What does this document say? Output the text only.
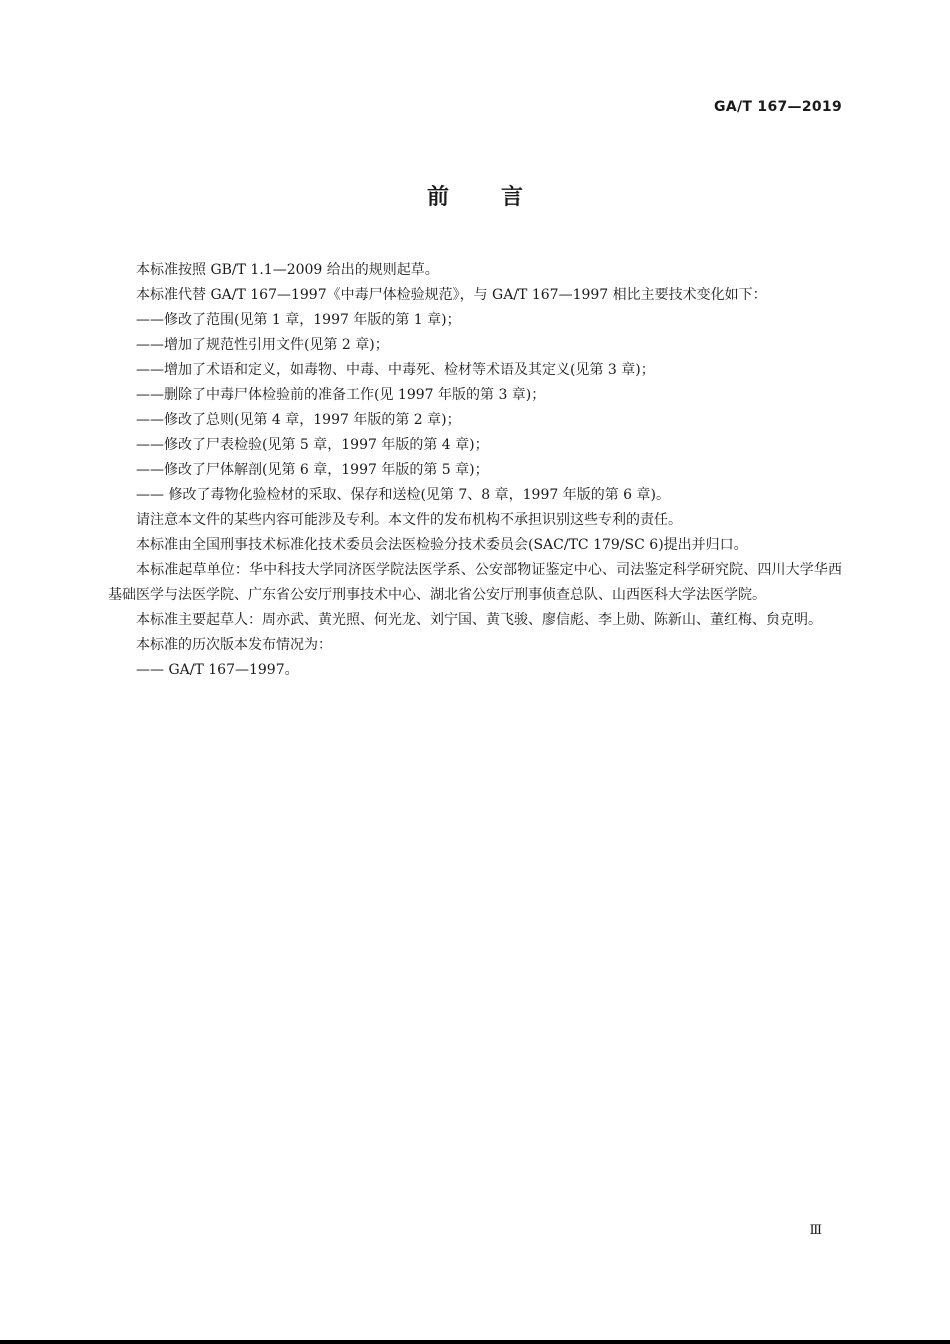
GA/T 167—2019
前言

本标准按照 GB/T 1.1—2009 给出的规则起草。

本标准代替 GA/T 167—1997《中毒尸体检验规范》，与 GA/T 167—1997 相比主要技术变化如下：

——修改了范围(见第 1 章，1997 年版的第 1 章)；

——增加了规范性引用文件(见第 2 章)；

——增加了术语和定义，如毒物、中毒、中毒死、检材等术语及其定义(见第 3 章)；

——删除了中毒尸体检验前的准备工作(见 1997 年版的第 3 章)；

——修改了总则(见第 4 章，1997 年版的第 2 章)；

——修改了尸表检验(见第 5 章，1997 年版的第 4 章)；

——修改了尸体解剖(见第 6 章，1997 年版的第 5 章)；

—— 修改了毒物化验检材的采取、保存和送检(见第 7、8 章，1997 年版的第 6 章)。

请注意本文件的某些内容可能涉及专利。本文件的发布机构不承担识别这些专利的责任。

本标准由全国刑事技术标准化技术委员会法医检验分技术委员会(SAC/TC 179/SC 6)提出并归口。

本标准起草单位：华中科技大学同济医学院法医学系、公安部物证鉴定中心、司法鉴定科学研究院、四川大学华西基础医学与法医学院、广东省公安厅刑事技术中心、湖北省公安厅刑事侦查总队、山西医科大学法医学院。

本标准主要起草人：周亦武、黄光照、何光龙、刘宁国、黄飞骏、廖信彪、李上勋、陈新山、董红梅、贠克明。

本标准的历次版本发布情况为：

—— GA/T 167—1997。

Ⅲ
